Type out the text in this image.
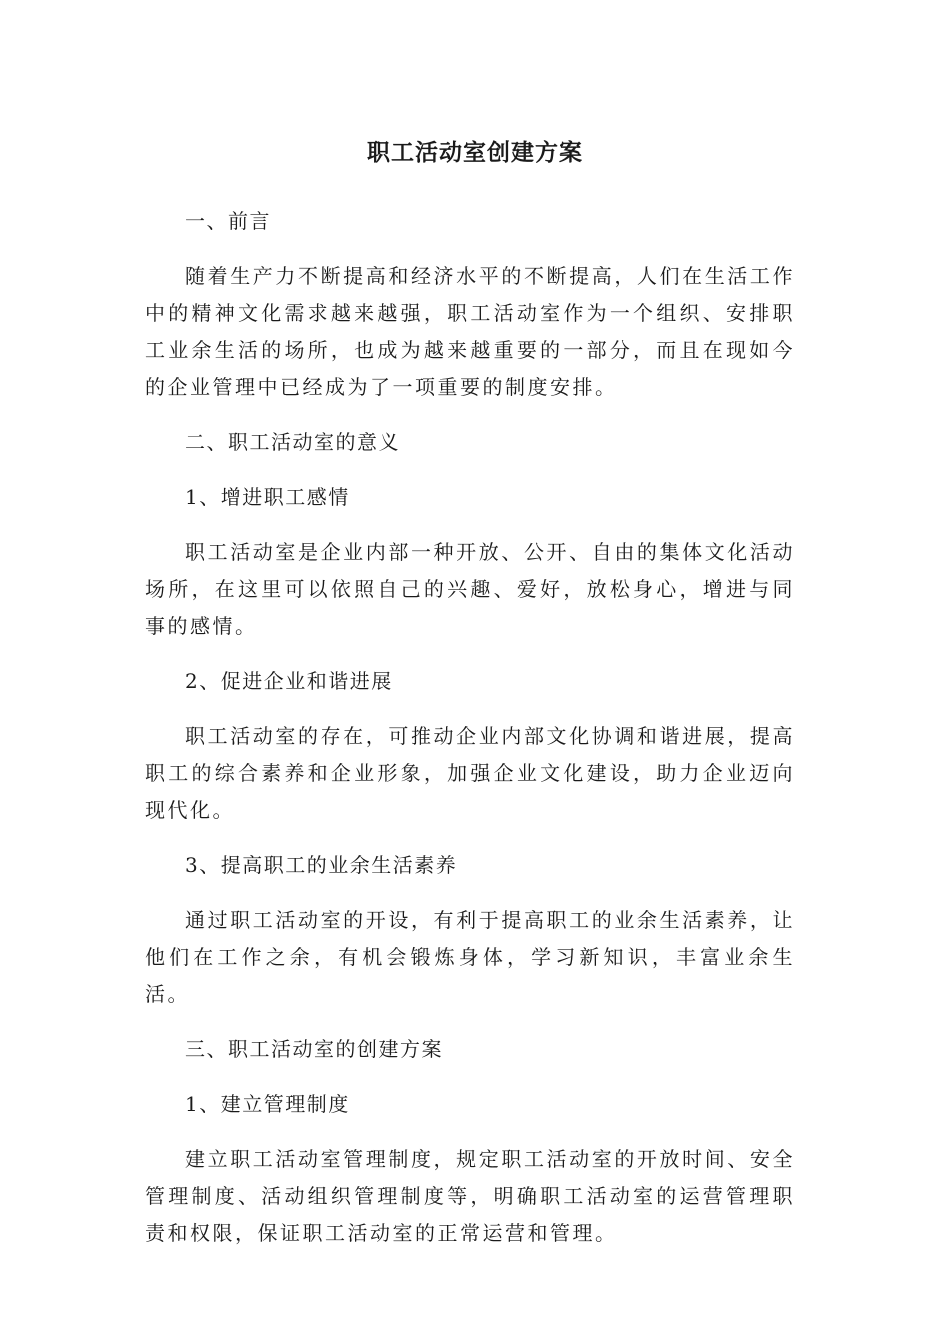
职工活动室创建方案

一、前言

随着生产力不断提高和经济水平的不断提高，人们在生活工作中的精神文化需求越来越强，职工活动室作为一个组织、安排职工业余生活的场所，也成为越来越重要的一部分，而且在现如今的企业管理中已经成为了一项重要的制度安排。

二、职工活动室的意义

1、增进职工感情

职工活动室是企业内部一种开放、公开、自由的集体文化活动场所，在这里可以依照自己的兴趣、爱好，放松身心，增进与同事的感情。

2、促进企业和谐进展

职工活动室的存在，可推动企业内部文化协调和谐进展，提高职工的综合素养和企业形象，加强企业文化建设，助力企业迈向现代化。

3、提高职工的业余生活素养

通过职工活动室的开设，有利于提高职工的业余生活素养，让他们在工作之余，有机会锻炼身体，学习新知识，丰富业余生活。

三、职工活动室的创建方案

1、建立管理制度

建立职工活动室管理制度，规定职工活动室的开放时间、安全管理制度、活动组织管理制度等，明确职工活动室的运营管理职责和权限，保证职工活动室的正常运营和管理。
